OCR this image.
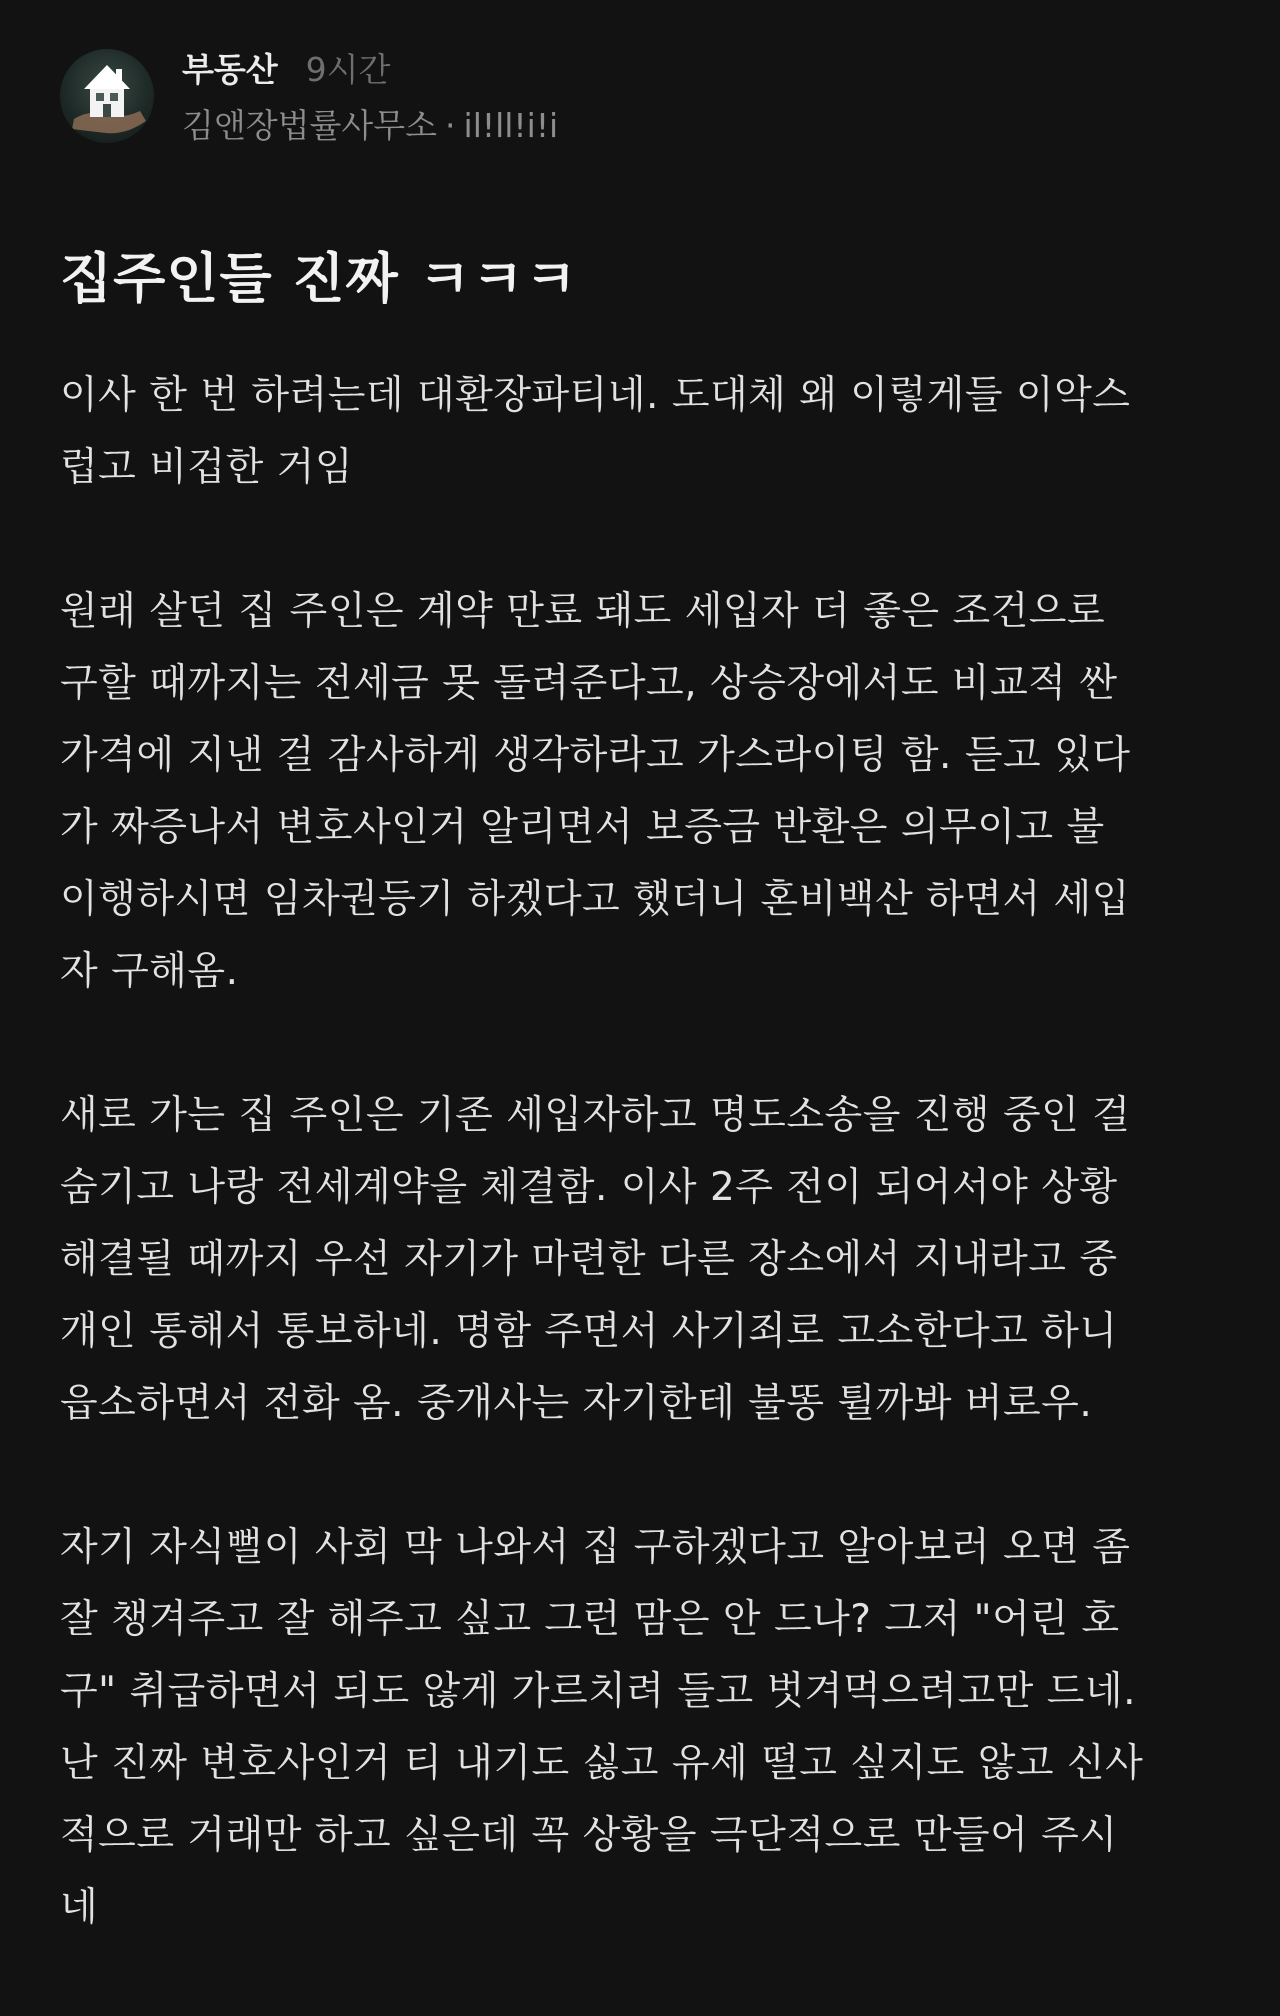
부동산 9시간
김앤장법률사무소 · il!ll!i!i
집주인들 진짜 ㅋㅋㅋ

이사 한 번 하려는데 대환장파티네. 도대체 왜 이렇게들 이악스
럽고 비겁한 거임

원래 살던 집 주인은 계약 만료 돼도 세입자 더 좋은 조건으로
구할 때까지는 전세금 못 돌려준다고, 상승장에서도 비교적 싼
가격에 지낸 걸 감사하게 생각하라고 가스라이팅 함. 듣고 있다
가 짜증나서 변호사인거 알리면서 보증금 반환은 의무이고 불
이행하시면 임차권등기 하겠다고 했더니 혼비백산 하면서 세입
자 구해옴.

새로 가는 집 주인은 기존 세입자하고 명도소송을 진행 중인 걸
숨기고 나랑 전세계약을 체결함. 이사 2주 전이 되어서야 상황
해결될 때까지 우선 자기가 마련한 다른 장소에서 지내라고 중
개인 통해서 통보하네. 명함 주면서 사기죄로 고소한다고 하니
읍소하면서 전화 옴. 중개사는 자기한테 불똥 튈까봐 버로우.

자기 자식뻘이 사회 막 나와서 집 구하겠다고 알아보러 오면 좀
잘 챙겨주고 잘 해주고 싶고 그런 맘은 안 드나? 그저 "어린 호
구" 취급하면서 되도 않게 가르치려 들고 벗겨먹으려고만 드네.
난 진짜 변호사인거 티 내기도 싫고 유세 떨고 싶지도 않고 신사
적으로 거래만 하고 싶은데 꼭 상황을 극단적으로 만들어 주시
네
